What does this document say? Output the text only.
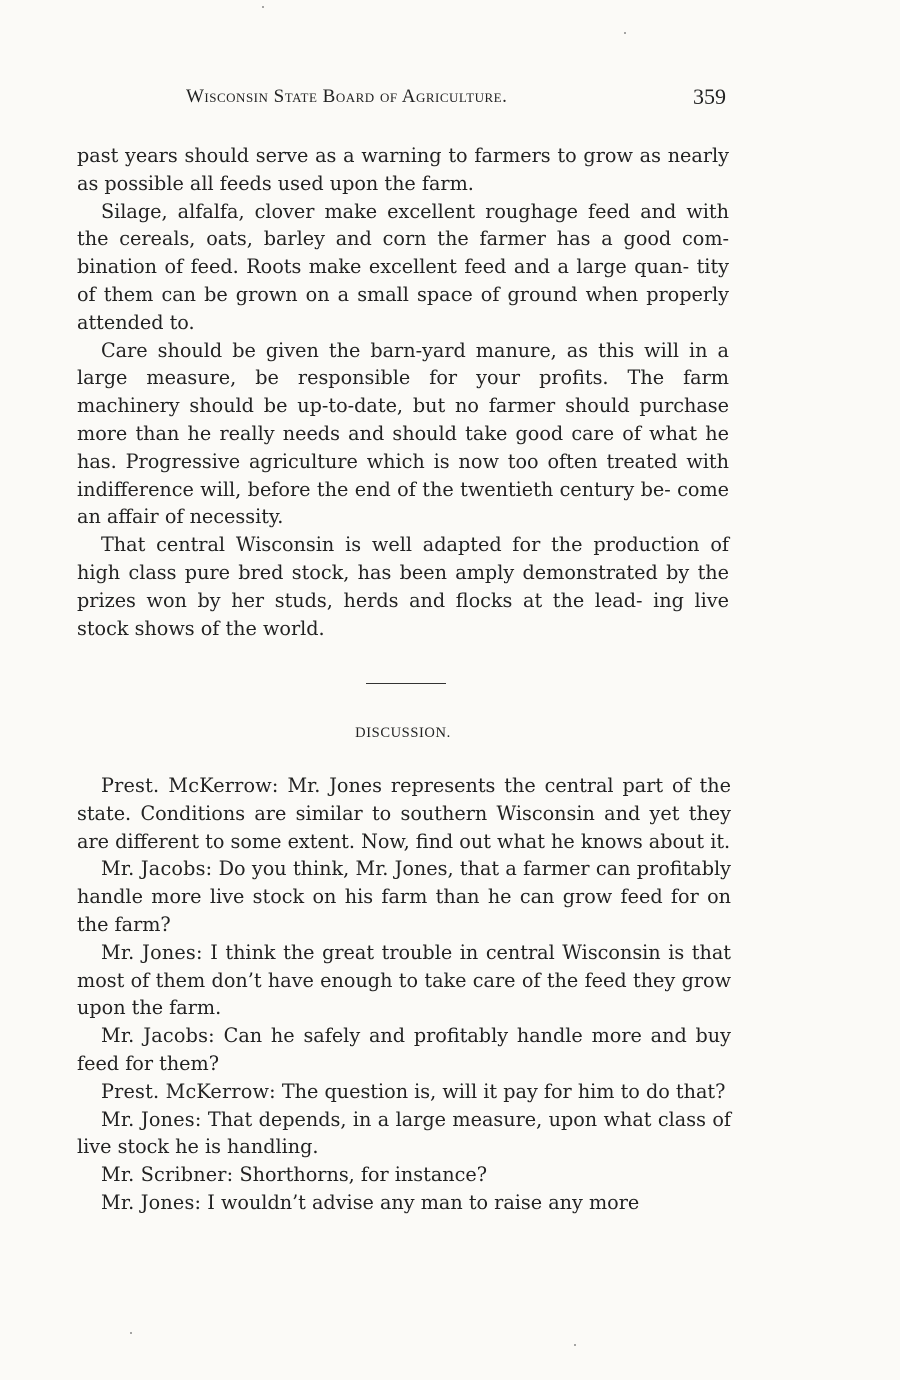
Wisconsin State Board of Agriculture.	359

past years should serve as a warning to farmers to grow as nearly as possible all feeds used upon the farm.

Silage, alfalfa, clover make excellent roughage feed and with the cereals, oats, barley and corn the farmer has a good com- bination of feed. Roots make excellent feed and a large quan- tity of them can be grown on a small space of ground when properly attended to.

Care should be given the barn-yard manure, as this will in a large measure, be responsible for your profits. The farm machinery should be up-to-date, but no farmer should purchase more than he really needs and should take good care of what he has. Progressive agriculture which is now too often treated with indifference will, before the end of the twentieth century be- come an affair of necessity.

That central Wisconsin is well adapted for the production of high class pure bred stock, has been amply demonstrated by the prizes won by her studs, herds and flocks at the lead- ing live stock shows of the world.

DISCUSSION.

Prest. McKerrow: Mr. Jones represents the central part of the state. Conditions are similar to southern Wisconsin and yet they are different to some extent. Now, find out what he knows about it.

Mr. Jacobs: Do you think, Mr. Jones, that a farmer can profitably handle more live stock on his farm than he can grow feed for on the farm?

Mr. Jones: I think the great trouble in central Wisconsin is that most of them don’t have enough to take care of the feed they grow upon the farm.

Mr. Jacobs: Can he safely and profitably handle more and buy feed for them?

Prest. McKerrow: The question is, will it pay for him to do that?

Mr. Jones: That depends, in a large measure, upon what class of live stock he is handling.

Mr. Scribner: Shorthorns, for instance?

Mr. Jones: I wouldn’t advise any man to raise any more
